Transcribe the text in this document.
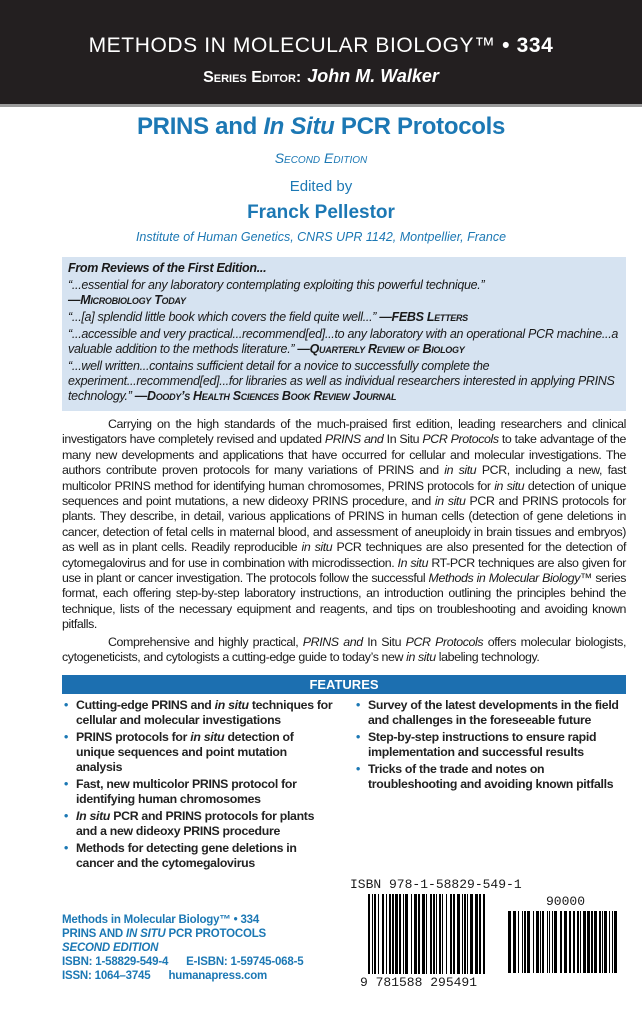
METHODS IN MOLECULAR BIOLOGY™ • 334
Series Editor: John M. Walker
PRINS and In Situ PCR Protocols
Second Edition
Edited by
Franck Pellestor
Institute of Human Genetics, CNRS UPR 1142, Montpellier, France
From Reviews of the First Edition...
“...essential for any laboratory contemplating exploiting this powerful technique.”
—Microbiology Today
“...[a] splendid little book which covers the field quite well...” —FEBS Letters
“...accessible and very practical...recommend[ed]...to any laboratory with an operational PCR machine...a valuable addition to the methods literature.” —Quarterly Review of Biology
“...well written...contains sufficient detail for a novice to successfully complete the experiment...recommend[ed]...for libraries as well as individual researchers interested in applying PRINS technology.” —Doody’s Health Sciences Book Review Journal

Carrying on the high standards of the much-praised first edition, leading researchers and clinical investigators have completely revised and updated PRINS and In Situ PCR Protocols to take advantage of the many new developments and applications that have occurred for cellular and molecular investigations. The authors contribute proven protocols for many variations of PRINS and in situ PCR, including a new, fast multicolor PRINS method for identifying human chromosomes, PRINS protocols for in situ detection of unique sequences and point mutations, a new dideoxy PRINS procedure, and in situ PCR and PRINS protocols for plants. They describe, in detail, various applications of PRINS in human cells (detection of gene deletions in cancer, detection of fetal cells in maternal blood, and assessment of aneuploidy in brain tissues and embryos) as well as in plant cells. Readily reproducible in situ PCR techniques are also presented for the detection of cytomegalovirus and for use in combination with microdissection. In situ RT-PCR techniques are also given for use in plant or cancer investigation. The protocols follow the successful Methods in Molecular Biology™ series format, each offering step-by-step laboratory instructions, an introduction outlining the principles behind the technique, lists of the necessary equipment and reagents, and tips on troubleshooting and avoiding known pitfalls.

Comprehensive and highly practical, PRINS and In Situ PCR Protocols offers molecular biologists, cytogeneticists, and cytologists a cutting-edge guide to today’s new in situ labeling technology.

FEATURES
• Cutting-edge PRINS and in situ techniques for cellular and molecular investigations
• PRINS protocols for in situ detection of unique sequences and point mutation analysis
• Fast, new multicolor PRINS protocol for identifying human chromosomes
• In situ PCR and PRINS protocols for plants and a new dideoxy PRINS procedure
• Methods for detecting gene deletions in cancer and the cytomegalovirus
• Survey of the latest developments in the field and challenges in the foreseeable future
• Step-by-step instructions to ensure rapid implementation and successful results
• Tricks of the trade and notes on troubleshooting and avoiding known pitfalls
Methods in Molecular Biology™ • 334
PRINS AND IN SITU PCR PROTOCOLS
SECOND EDITION
ISBN: 1-58829-549-4 E-ISBN: 1-59745-068-5
ISSN: 1064–3745 humanapress.com
ISBN 978-1-58829-549-1
90000
9 781588 295491
